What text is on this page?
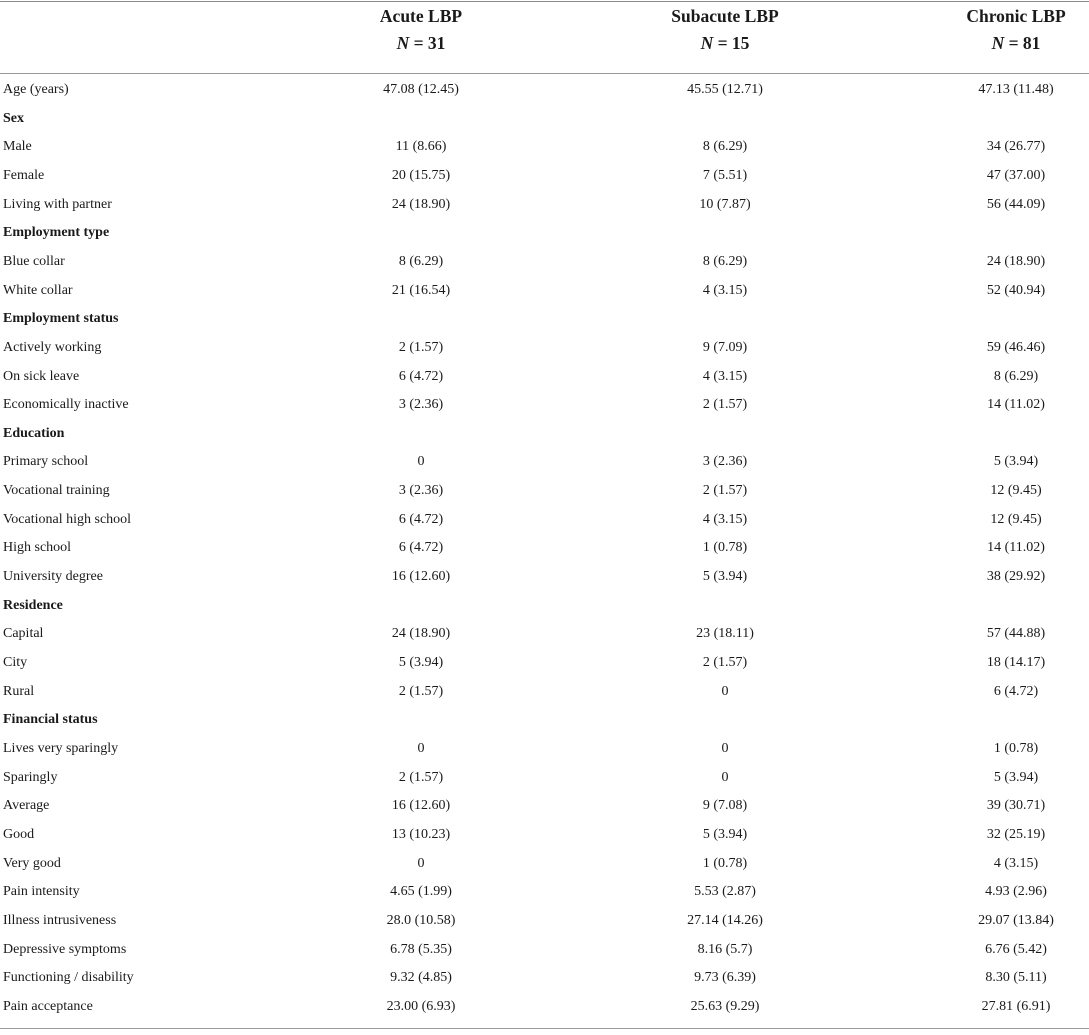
Acute LBP
N = 31
Subacute LBP
N = 15
Chronic LBP
N = 81
Age (years)	47.08 (12.45)	45.55 (12.71)	47.13 (11.48)
Sex
Male	11 (8.66)	8 (6.29)	34 (26.77)
Female	20 (15.75)	7 (5.51)	47 (37.00)
Living with partner	24 (18.90)	10 (7.87)	56 (44.09)
Employment type
Blue collar	8 (6.29)	8 (6.29)	24 (18.90)
White collar	21 (16.54)	4 (3.15)	52 (40.94)
Employment status
Actively working	2 (1.57)	9 (7.09)	59 (46.46)
On sick leave	6 (4.72)	4 (3.15)	8 (6.29)
Economically inactive	3 (2.36)	2 (1.57)	14 (11.02)
Education
Primary school	0	3 (2.36)	5 (3.94)
Vocational training	3 (2.36)	2 (1.57)	12 (9.45)
Vocational high school	6 (4.72)	4 (3.15)	12 (9.45)
High school	6 (4.72)	1 (0.78)	14 (11.02)
University degree	16 (12.60)	5 (3.94)	38 (29.92)
Residence
Capital	24 (18.90)	23 (18.11)	57 (44.88)
City	5 (3.94)	2 (1.57)	18 (14.17)
Rural	2 (1.57)	0	6 (4.72)
Financial status
Lives very sparingly	0	0	1 (0.78)
Sparingly	2 (1.57)	0	5 (3.94)
Average	16 (12.60)	9 (7.08)	39 (30.71)
Good	13 (10.23)	5 (3.94)	32 (25.19)
Very good	0	1 (0.78)	4 (3.15)
Pain intensity	4.65 (1.99)	5.53 (2.87)	4.93 (2.96)
Illness intrusiveness	28.0 (10.58)	27.14 (14.26)	29.07 (13.84)
Depressive symptoms	6.78 (5.35)	8.16 (5.7)	6.76 (5.42)
Functioning / disability	9.32 (4.85)	9.73 (6.39)	8.30 (5.11)
Pain acceptance	23.00 (6.93)	25.63 (9.29)	27.81 (6.91)
